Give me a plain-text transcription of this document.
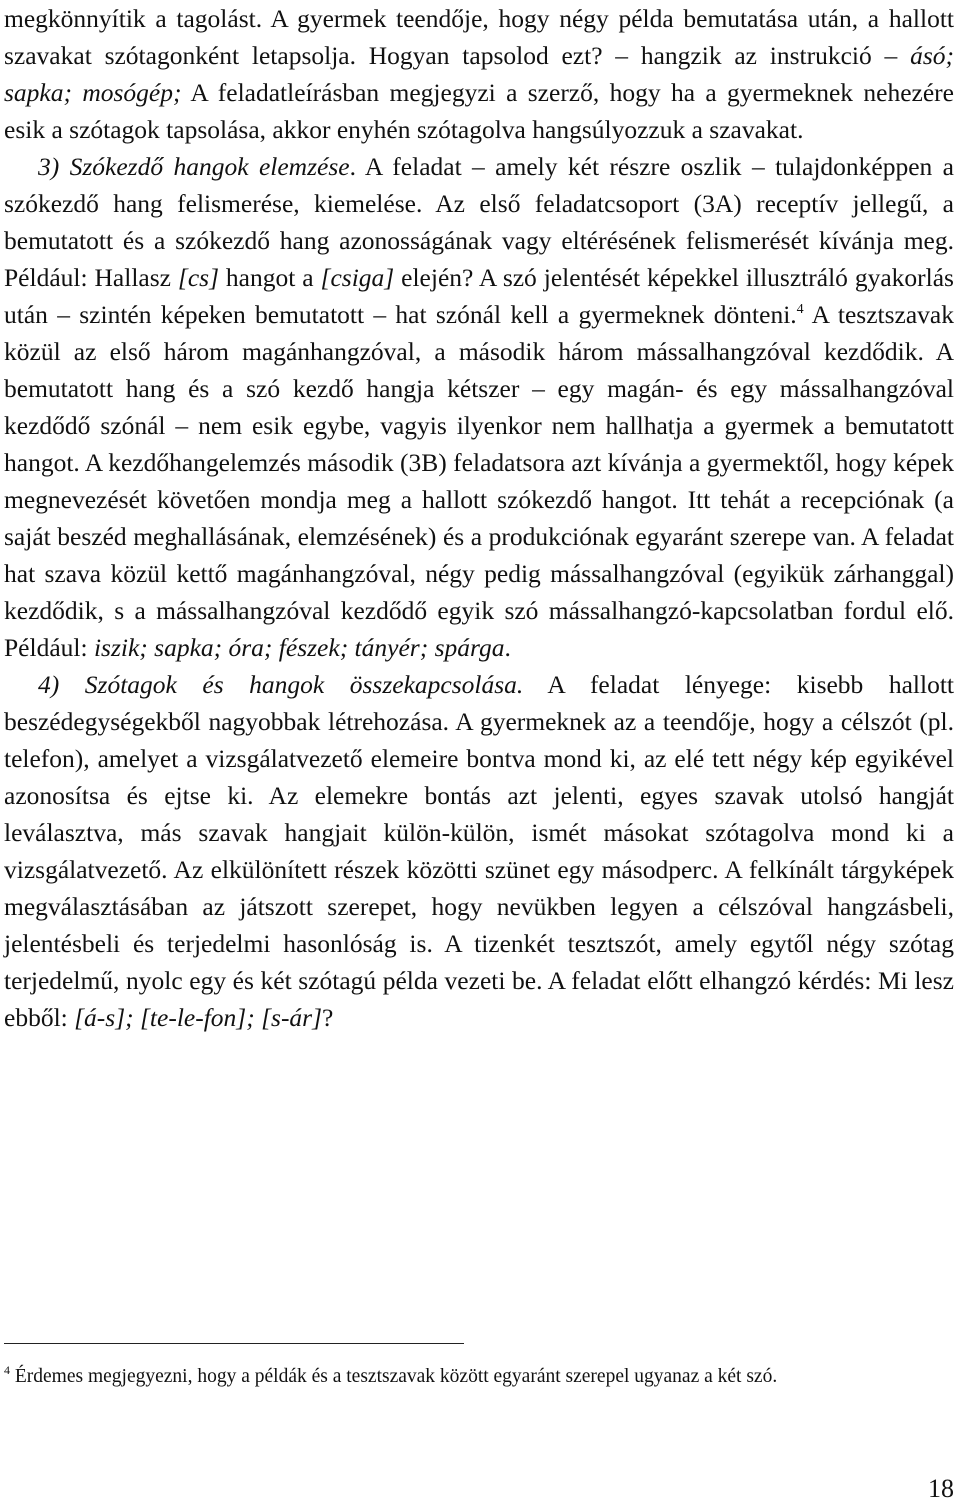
megkönnyítik a tagolást. A gyermek teendője, hogy négy példa bemutatása után, a hallott szavakat szótagonként letapsolja. Hogyan tapsolod ezt? – hangzik az instrukció – ásó; sapka; mosógép; A feladatleírásban megjegyzi a szerző, hogy ha a gyermeknek nehezére esik a szótagok tapsolása, akkor enyhén szótagolva hangsúlyozzuk a szavakat.

3) Szókezdő hangok elemzése. A feladat – amely két részre oszlik – tulajdonképpen a szókezdő hang felismerése, kiemelése. Az első feladatcsoport (3A) receptív jellegű, a bemutatott és a szókezdő hang azonosságának vagy eltérésének felismerését kívánja meg. Például: Hallasz [cs] hangot a [csiga] elején? A szó jelentését képekkel illusztráló gyakorlás után – szintén képeken bemutatott – hat szónál kell a gyermeknek dönteni.$^4$ A tesztszavak közül az első három magánhangzóval, a második három mássalhangzóval kezdődik. A bemutatott hang és a szó kezdő hangja kétszer – egy magán- és egy mássalhangzóval kezdődő szónál – nem esik egybe, vagyis ilyenkor nem hallhatja a gyermek a bemutatott hangot. A kezdőhangelemzés második (3B) feladatsora azt kívánja a gyermektől, hogy képek megnevezését követően mondja meg a hallott szókezdő hangot. Itt tehát a recepciónak (a saját beszéd meghallásának, elemzésének) és a produkciónak egyaránt szerepe van. A feladat hat szava közül kettő magánhangzóval, négy pedig mássalhangzóval (egyikük zárhanggal) kezdődik, s a mássalhangzóval kezdődő egyik szó mássalhangzó-kapcsolatban fordul elő. Például: iszik; sapka; óra; fészek; tányér; spárga.

4) Szótagok és hangok összekapcsolása. A feladat lényege: kisebb hallott beszédegységekből nagyobbak létrehozása. A gyermeknek az a teendője, hogy a célszót (pl. telefon), amelyet a vizsgálatvezető elemeire bontva mond ki, az elé tett négy kép egyikével azonosítsa és ejtse ki. Az elemekre bontás azt jelenti, egyes szavak utolsó hangját leválasztva, más szavak hangjait külön-külön, ismét másokat szótagolva mond ki a vizsgálatvezető. Az elkülönített részek közötti szünet egy másodperc. A felkínált tárgyképek megválasztásában az játszott szerepet, hogy nevükben legyen a célszóval hangzásbeli, jelentésbeli és terjedelmi hasonlóság is. A tizenkét tesztszót, amely egytől négy szótag terjedelmű, nyolc egy és két szótagú példa vezeti be. A feladat előtt elhangzó kérdés: Mi lesz ebből: [á-s]; [te-le-fon]; [s-ár]?

$^4$ Érdemes megjegyezni, hogy a példák és a tesztszavak között egyaránt szerepel ugyanaz a két szó.

18
